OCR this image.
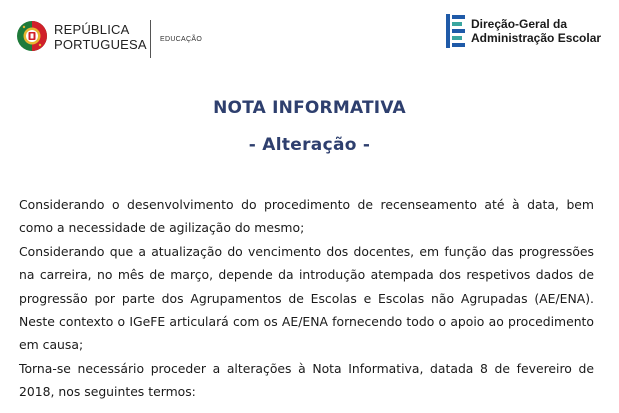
REPÚBLICA
PORTUGUESA EDUCAÇÃO
Direção-Geral da
Administração Escolar
NOTA INFORMATIVA
- Alteração -

Considerando o desenvolvimento do procedimento de recenseamento até à data, bem como a necessidade de agilização do mesmo;

Considerando que a atualização do vencimento dos docentes, em função das progressões na carreira, no mês de março, depende da introdução atempada dos respetivos dados de progressão por parte dos Agrupamentos de Escolas e Escolas não Agrupadas (AE/ENA). Neste contexto o IGeFE articulará com os AE/ENA fornecendo todo o apoio ao procedimento em causa;

Torna-se necessário proceder a alterações à Nota Informativa, datada 8 de fevereiro de 2018, nos seguintes termos:
